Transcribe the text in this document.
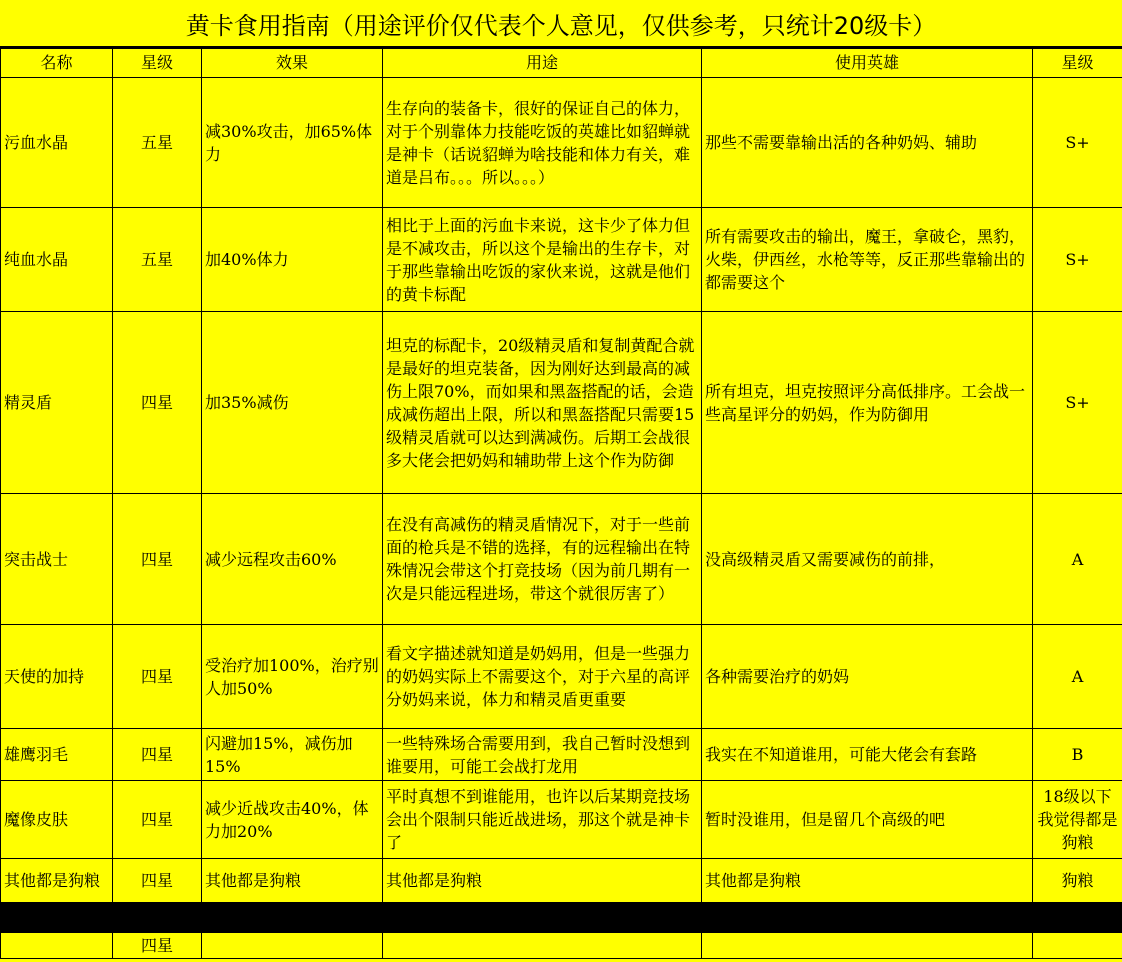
黄卡食用指南（用途评价仅代表个人意见，仅供参考，只统计20级卡）
名称	星级	效果	用途	使用英雄	星级
污血水晶	五星	减30%攻击，加65%体力	生存向的装备卡，很好的保证自己的体力，对于个别靠体力技能吃饭的英雄比如貂蝉就是神卡（话说貂蝉为啥技能和体力有关，难道是吕布。。。所以。。。）	那些不需要靠输出活的各种奶妈、辅助	S+
纯血水晶	五星	加40%体力	相比于上面的污血卡来说，这卡少了体力但是不减攻击，所以这个是输出的生存卡，对于那些靠输出吃饭的家伙来说，这就是他们的黄卡标配	所有需要攻击的输出，魔王，拿破仑，黑豹，火柴，伊西丝，水枪等等，反正那些靠输出的都需要这个	S+
精灵盾	四星	加35%减伤	坦克的标配卡，20级精灵盾和复制黄配合就是最好的坦克装备，因为刚好达到最高的减伤上限70%，而如果和黑盔搭配的话，会造成减伤超出上限，所以和黑盔搭配只需要15级精灵盾就可以达到满减伤。后期工会战很多大佬会把奶妈和辅助带上这个作为防御	所有坦克，坦克按照评分高低排序。工会战一些高星评分的奶妈，作为防御用	S+
突击战士	四星	减少远程攻击60%	在没有高减伤的精灵盾情况下，对于一些前面的枪兵是不错的选择，有的远程输出在特殊情况会带这个打竞技场（因为前几期有一次是只能远程进场，带这个就很厉害了）	没高级精灵盾又需要减伤的前排，	A
天使的加持	四星	受治疗加100%，治疗别人加50%	看文字描述就知道是奶妈用，但是一些强力的奶妈实际上不需要这个，对于六星的高评分奶妈来说，体力和精灵盾更重要	各种需要治疗的奶妈	A
雄鹰羽毛	四星	闪避加15%，减伤加15%	一些特殊场合需要用到，我自己暂时没想到谁要用，可能工会战打龙用	我实在不知道谁用，可能大佬会有套路	B
魔像皮肤	四星	减少近战攻击40%，体力加20%	平时真想不到谁能用，也许以后某期竞技场会出个限制只能近战进场，那这个就是神卡了	暂时没谁用，但是留几个高级的吧	18级以下我觉得都是狗粮
其他都是狗粮	四星	其他都是狗粮	其他都是狗粮	其他都是狗粮	狗粮

	四星				
